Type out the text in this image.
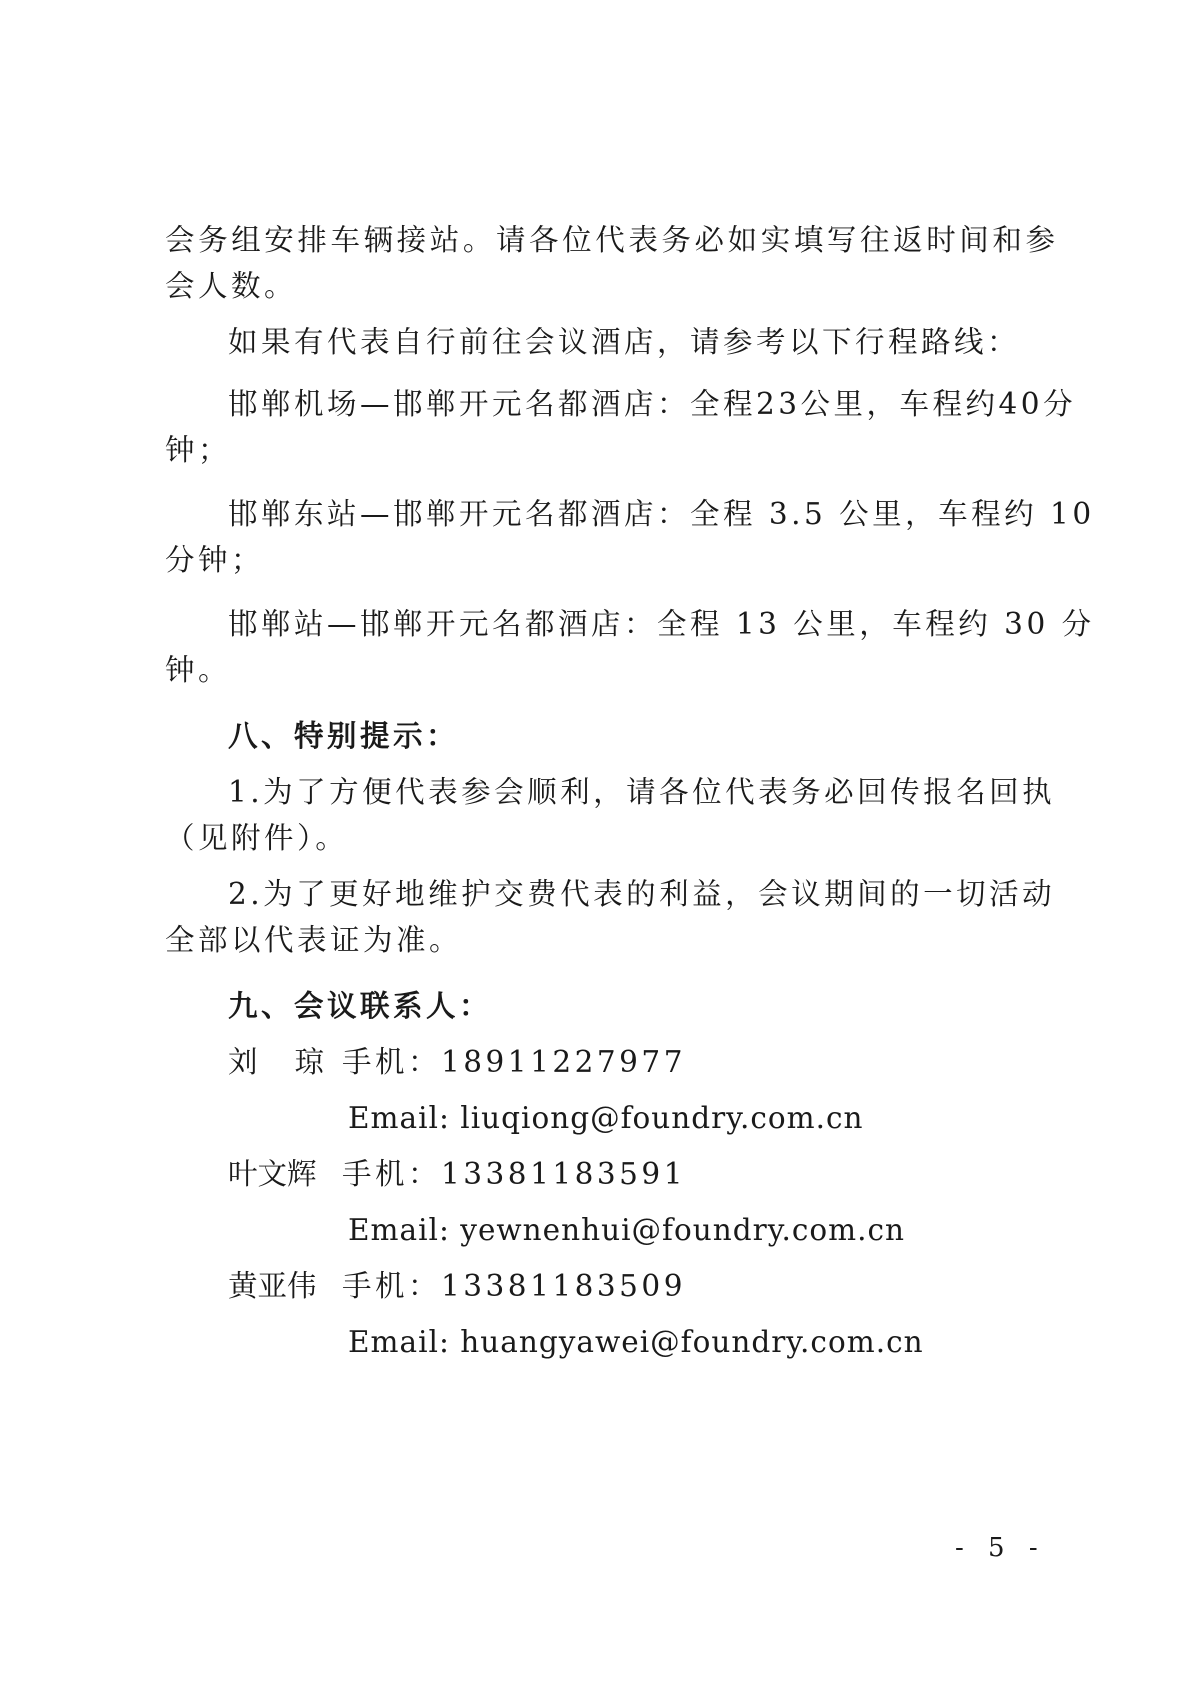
会务组安排车辆接站。请各位代表务必如实填写往返时间和参
会人数。
如果有代表自行前往会议酒店，请参考以下行程路线：
邯郸机场—邯郸开元名都酒店：全程23公里，车程约40分
钟；
邯郸东站—邯郸开元名都酒店：全程 3.5 公里，车程约 10
分钟；
邯郸站—邯郸开元名都酒店：全程 13 公里，车程约 30 分
钟。
八、特别提示：
1.为了方便代表参会顺利，请各位代表务必回传报名回执
（见附件）。
2.为了更好地维护交费代表的利益，会议期间的一切活动
全部以代表证为准。
九、会议联系人：
刘琼 手机：18911227977
Email: liuqiong@foundry.com.cn
叶文辉 手机：13381183591
Email: yewnenhui@foundry.com.cn
黄亚伟 手机：13381183509
Email: huangyawei@foundry.com.cn
- 5 -
